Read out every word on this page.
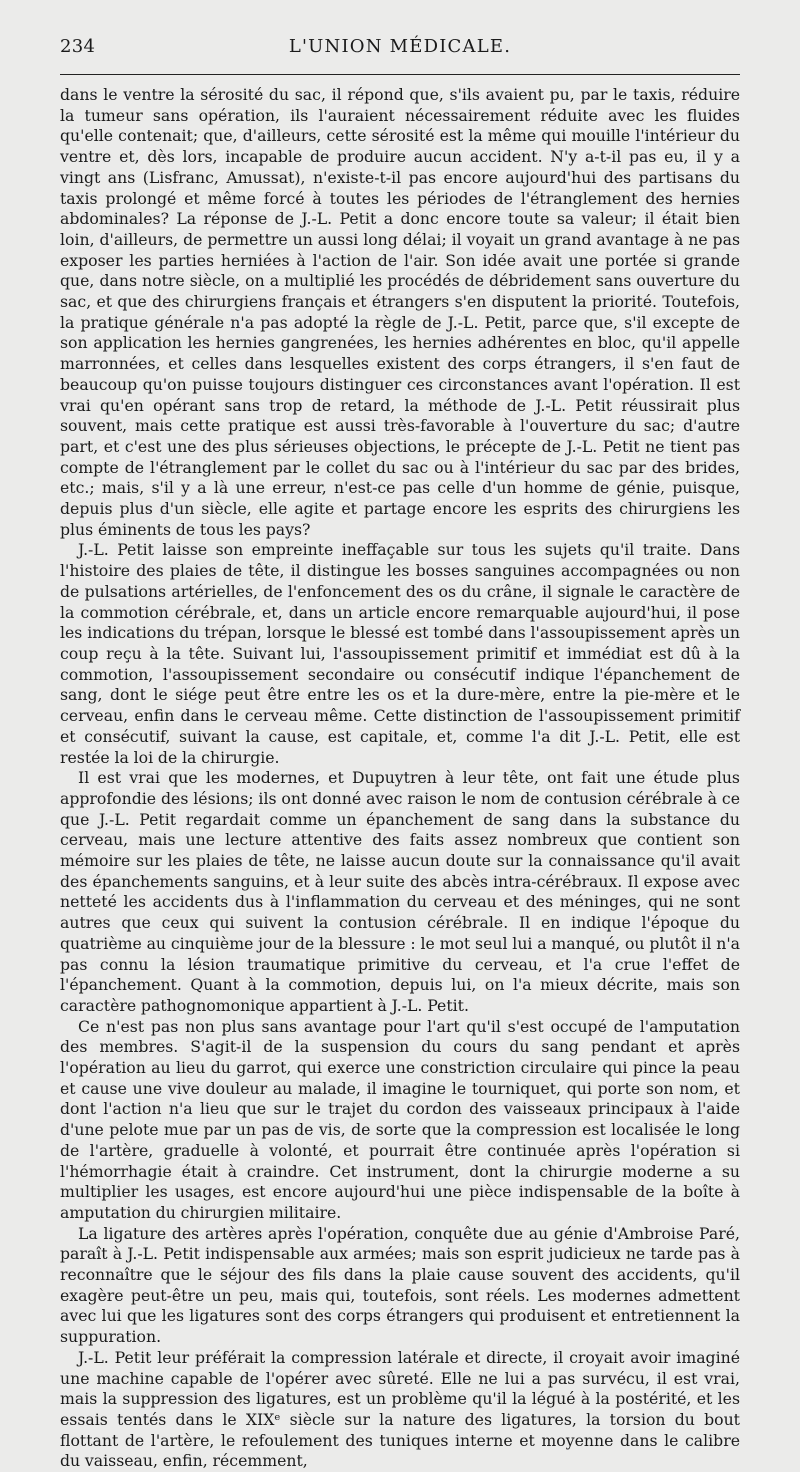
234	L'UNION MÉDICALE.

dans le ventre la sérosité du sac, il répond que, s'ils avaient pu, par le taxis, réduire la tumeur sans opération, ils l'auraient nécessairement réduite avec les fluides qu'elle contenait; que, d'ailleurs, cette sérosité est la même qui mouille l'intérieur du ventre et, dès lors, incapable de produire aucun accident. N'y a-t-il pas eu, il y a vingt ans (Lisfranc, Amussat), n'existe-t-il pas encore aujourd'hui des partisans du taxis prolongé et même forcé à toutes les périodes de l'étranglement des hernies abdominales? La réponse de J.-L. Petit a donc encore toute sa valeur; il était bien loin, d'ailleurs, de permettre un aussi long délai; il voyait un grand avantage à ne pas exposer les parties herniées à l'action de l'air. Son idée avait une portée si grande que, dans notre siècle, on a multiplié les procédés de débridement sans ouverture du sac, et que des chirurgiens français et étrangers s'en disputent la priorité. Toutefois, la pratique générale n'a pas adopté la règle de J.-L. Petit, parce que, s'il excepte de son application les hernies gangrenées, les hernies adhérentes en bloc, qu'il appelle marronnées, et celles dans lesquelles existent des corps étrangers, il s'en faut de beaucoup qu'on puisse toujours distinguer ces circonstances avant l'opération. Il est vrai qu'en opérant sans trop de retard, la méthode de J.-L. Petit réussirait plus souvent, mais cette pratique est aussi très-favorable à l'ouverture du sac; d'autre part, et c'est une des plus sérieuses objections, le précepte de J.-L. Petit ne tient pas compte de l'étranglement par le collet du sac ou à l'intérieur du sac par des brides, etc.; mais, s'il y a là une erreur, n'est-ce pas celle d'un homme de génie, puisque, depuis plus d'un siècle, elle agite et partage encore les esprits des chirurgiens les plus éminents de tous les pays?

J.-L. Petit laisse son empreinte ineffaçable sur tous les sujets qu'il traite. Dans l'histoire des plaies de tête, il distingue les bosses sanguines accompagnées ou non de pulsations artérielles, de l'enfoncement des os du crâne, il signale le caractère de la commotion cérébrale, et, dans un article encore remarquable aujourd'hui, il pose les indications du trépan, lorsque le blessé est tombé dans l'assoupissement après un coup reçu à la tête. Suivant lui, l'assoupissement primitif et immédiat est dû à la commotion, l'assoupissement secondaire ou consécutif indique l'épanchement de sang, dont le siége peut être entre les os et la dure-mère, entre la pie-mère et le cerveau, enfin dans le cerveau même. Cette distinction de l'assoupissement primitif et consécutif, suivant la cause, est capitale, et, comme l'a dit J.-L. Petit, elle est restée la loi de la chirurgie.

Il est vrai que les modernes, et Dupuytren à leur tête, ont fait une étude plus approfondie des lésions; ils ont donné avec raison le nom de contusion cérébrale à ce que J.-L. Petit regardait comme un épanchement de sang dans la substance du cerveau, mais une lecture attentive des faits assez nombreux que contient son mémoire sur les plaies de tête, ne laisse aucun doute sur la connaissance qu'il avait des épanchements sanguins, et à leur suite des abcès intra-cérébraux. Il expose avec netteté les accidents dus à l'inflammation du cerveau et des méninges, qui ne sont autres que ceux qui suivent la contusion cérébrale. Il en indique l'époque du quatrième au cinquième jour de la blessure : le mot seul lui a manqué, ou plutôt il n'a pas connu la lésion traumatique primitive du cerveau, et l'a crue l'effet de l'épanchement. Quant à la commotion, depuis lui, on l'a mieux décrite, mais son caractère pathognomonique appartient à J.-L. Petit.

Ce n'est pas non plus sans avantage pour l'art qu'il s'est occupé de l'amputation des membres. S'agit-il de la suspension du cours du sang pendant et après l'opération au lieu du garrot, qui exerce une constriction circulaire qui pince la peau et cause une vive douleur au malade, il imagine le tourniquet, qui porte son nom, et dont l'action n'a lieu que sur le trajet du cordon des vaisseaux principaux à l'aide d'une pelote mue par un pas de vis, de sorte que la compression est localisée le long de l'artère, graduelle à volonté, et pourrait être continuée après l'opération si l'hémorrhagie était à craindre. Cet instrument, dont la chirurgie moderne a su multiplier les usages, est encore aujourd'hui une pièce indispensable de la boîte à amputation du chirurgien militaire.

La ligature des artères après l'opération, conquête due au génie d'Ambroise Paré, paraît à J.-L. Petit indispensable aux armées; mais son esprit judicieux ne tarde pas à reconnaître que le séjour des fils dans la plaie cause souvent des accidents, qu'il exagère peut-être un peu, mais qui, toutefois, sont réels. Les modernes admettent avec lui que les ligatures sont des corps étrangers qui produisent et entretiennent la suppuration.

J.-L. Petit leur préférait la compression latérale et directe, il croyait avoir imaginé une machine capable de l'opérer avec sûreté. Elle ne lui a pas survécu, il est vrai, mais la suppression des ligatures, est un problème qu'il la légué à la postérité, et les essais tentés dans le XIXᵉ siècle sur la nature des ligatures, la torsion du bout flottant de l'artère, le refoulement des tuniques interne et moyenne dans le calibre du vaisseau, enfin, récemment,
